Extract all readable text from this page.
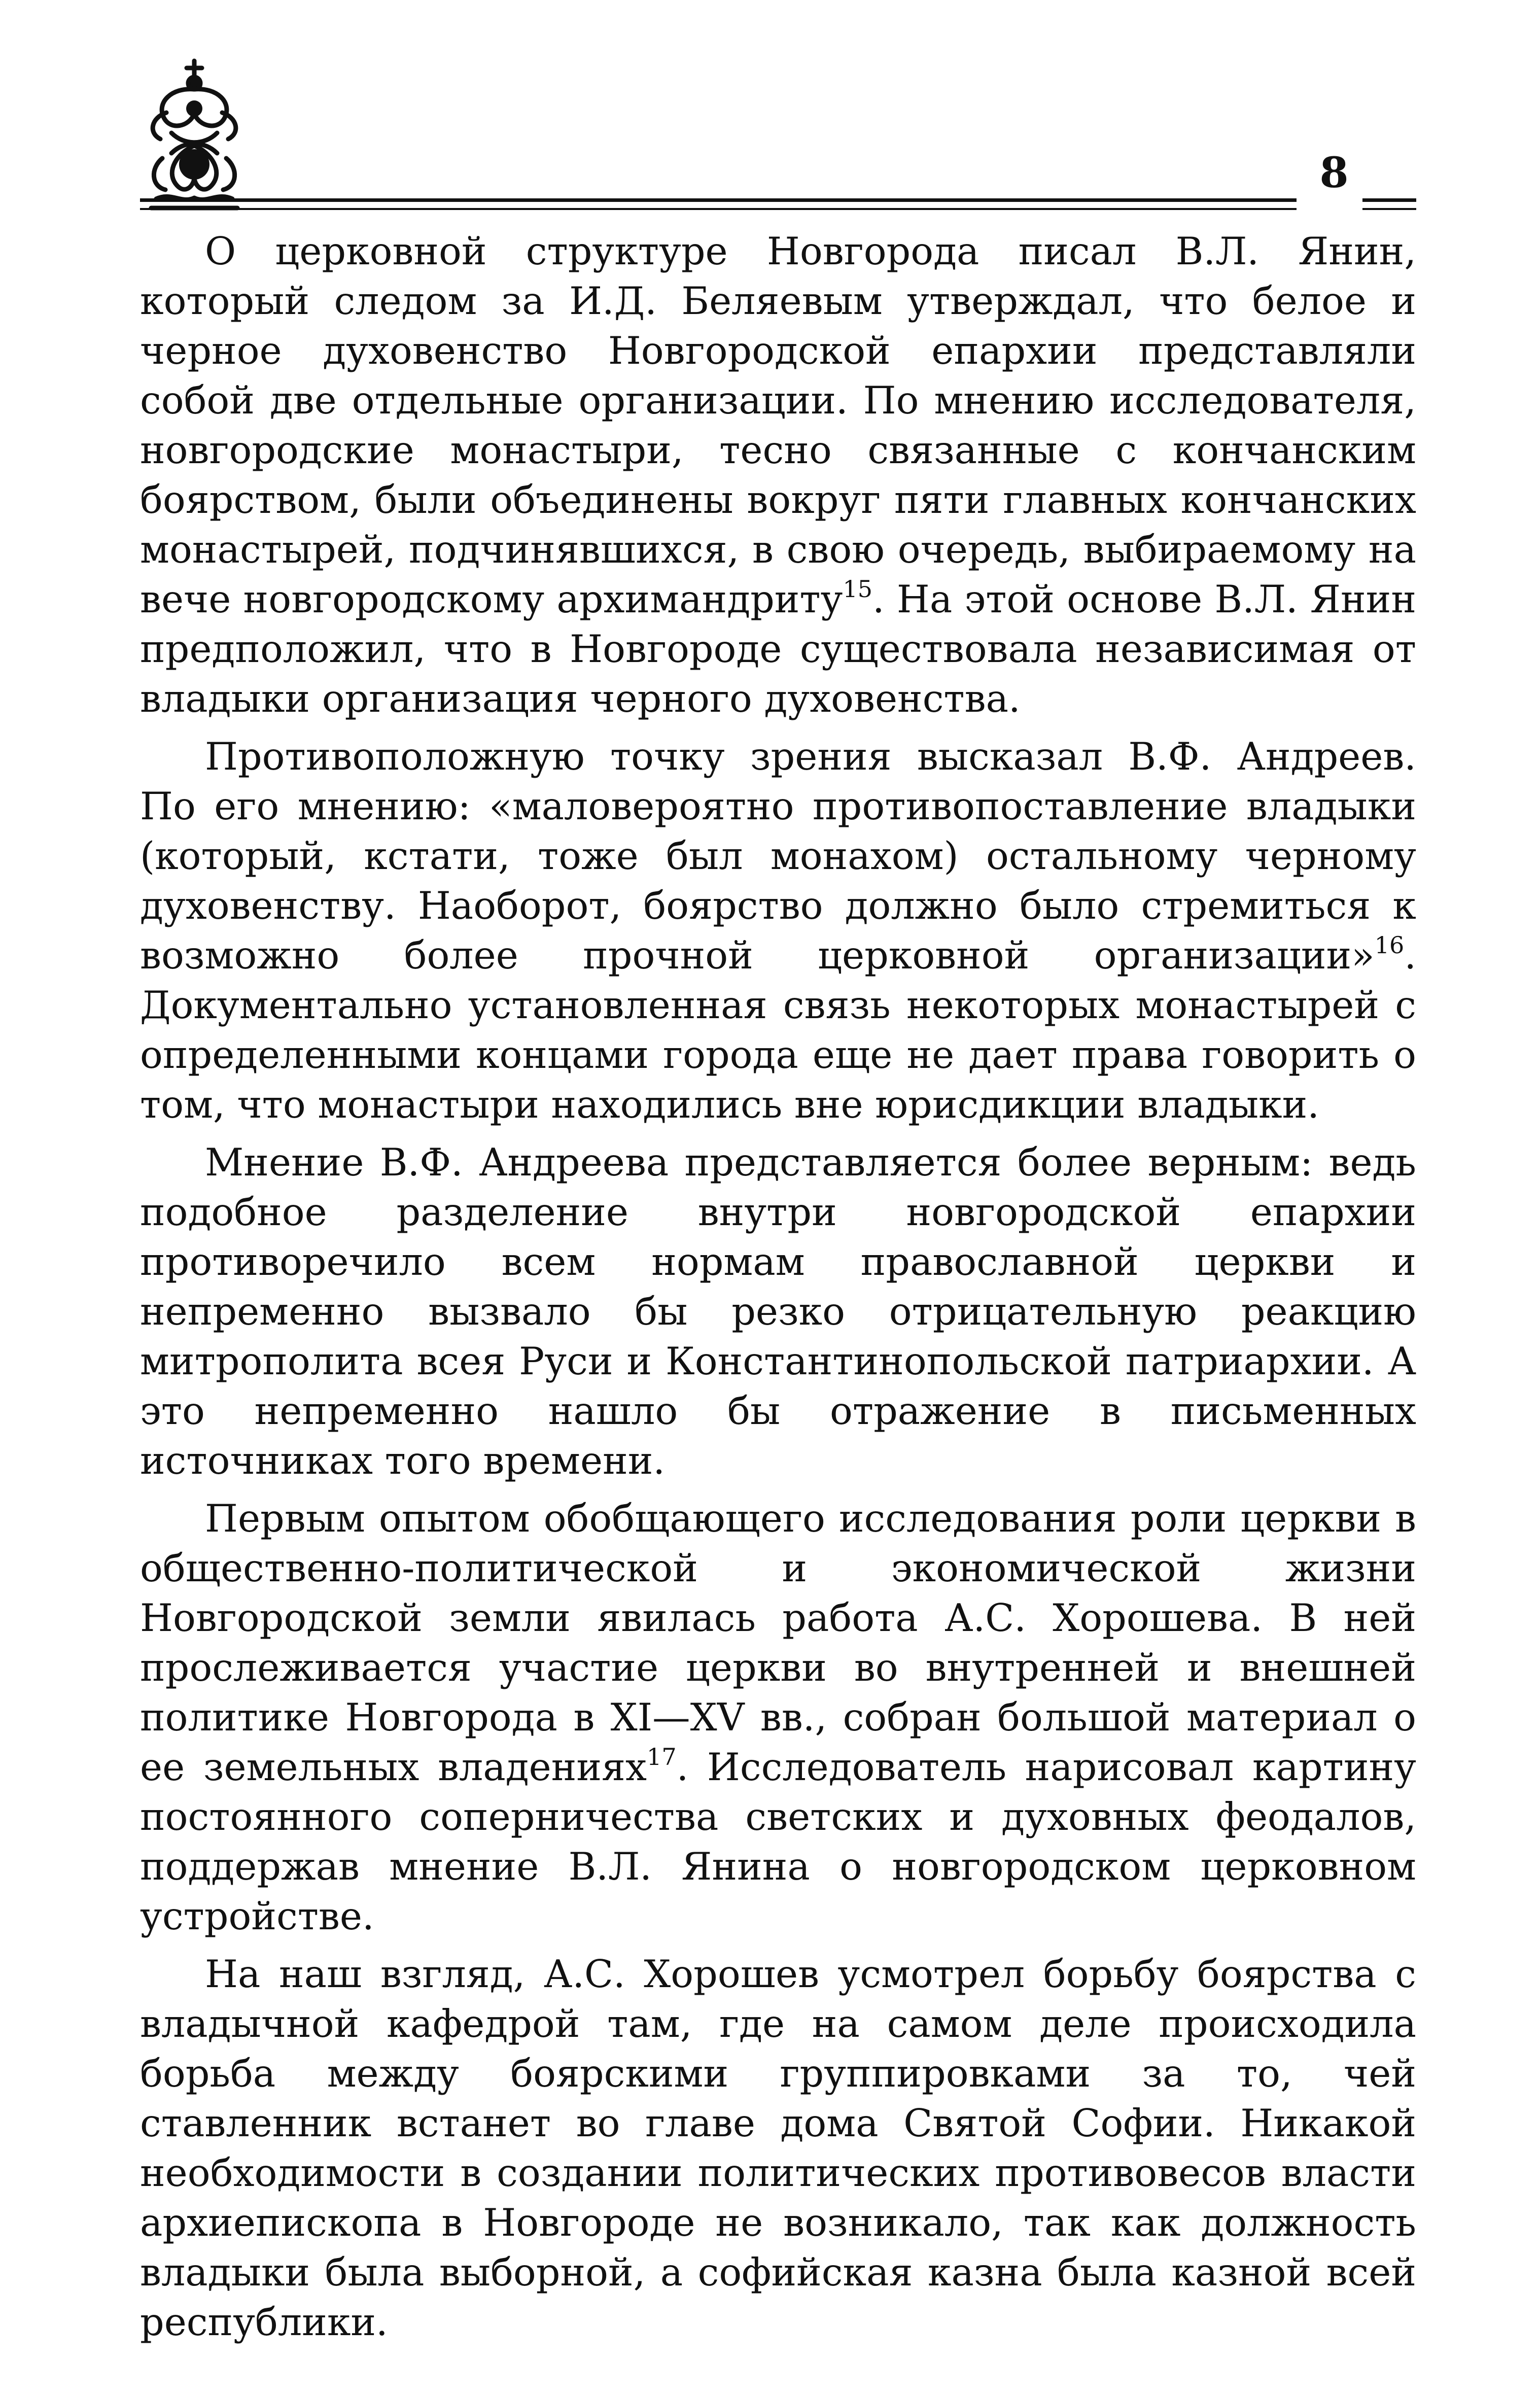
8

О церковной структуре Новгорода писал В.Л. Янин, который следом за И.Д. Беляевым утверждал, что белое и черное духовенство Новгородской епархии представляли собой две отдельные организации. По мнению исследователя, новгородские монастыри, тесно связанные с кончанским боярством, были объединены вокруг пяти главных кончанских монастырей, подчинявшихся, в свою очередь, выбираемому на вече новгородскому архимандриту$^{15}$. На этой основе В.Л. Янин предположил, что в Новгороде существовала независимая от владыки организация черного духовенства.

Противоположную точку зрения высказал В.Ф. Андреев. По его мнению: «маловероятно противопоставление владыки (который, кстати, тоже был монахом) остальному черному духовенству. Наоборот, боярство должно было стремиться к возможно более прочной церковной организации»$^{16}$. Документально установленная связь некоторых монастырей с определенными концами города еще не дает права говорить о том, что монастыри находились вне юрисдикции владыки.

Мнение В.Ф. Андреева представляется более верным: ведь подобное разделение внутри новгородской епархии противоречило всем нормам православной церкви и непременно вызвало бы резко отрицательную реакцию митрополита всея Руси и Константинопольской патриархии. А это непременно нашло бы отражение в письменных источниках того времени.

Первым опытом обобщающего исследования роли церкви в общественно-политической и экономической жизни Новгородской земли явилась работа А.С. Хорошева. В ней прослеживается участие церкви во внутренней и внешней политике Новгорода в XI—XV вв., собран большой материал о ее земельных владениях$^{17}$. Исследователь нарисовал картину постоянного соперничества светских и духовных феодалов, поддержав мнение В.Л. Янина о новгородском церковном устройстве.

На наш взгляд, А.С. Хорошев усмотрел борьбу боярства с владычной кафедрой там, где на самом деле происходила борьба между боярскими группировками за то, чей ставленник встанет во главе дома Святой Софии. Никакой необходимости в создании политических противовесов власти архиепископа в Новгороде не возникало, так как должность владыки была выборной, а софийская казна была казной всей республики.
